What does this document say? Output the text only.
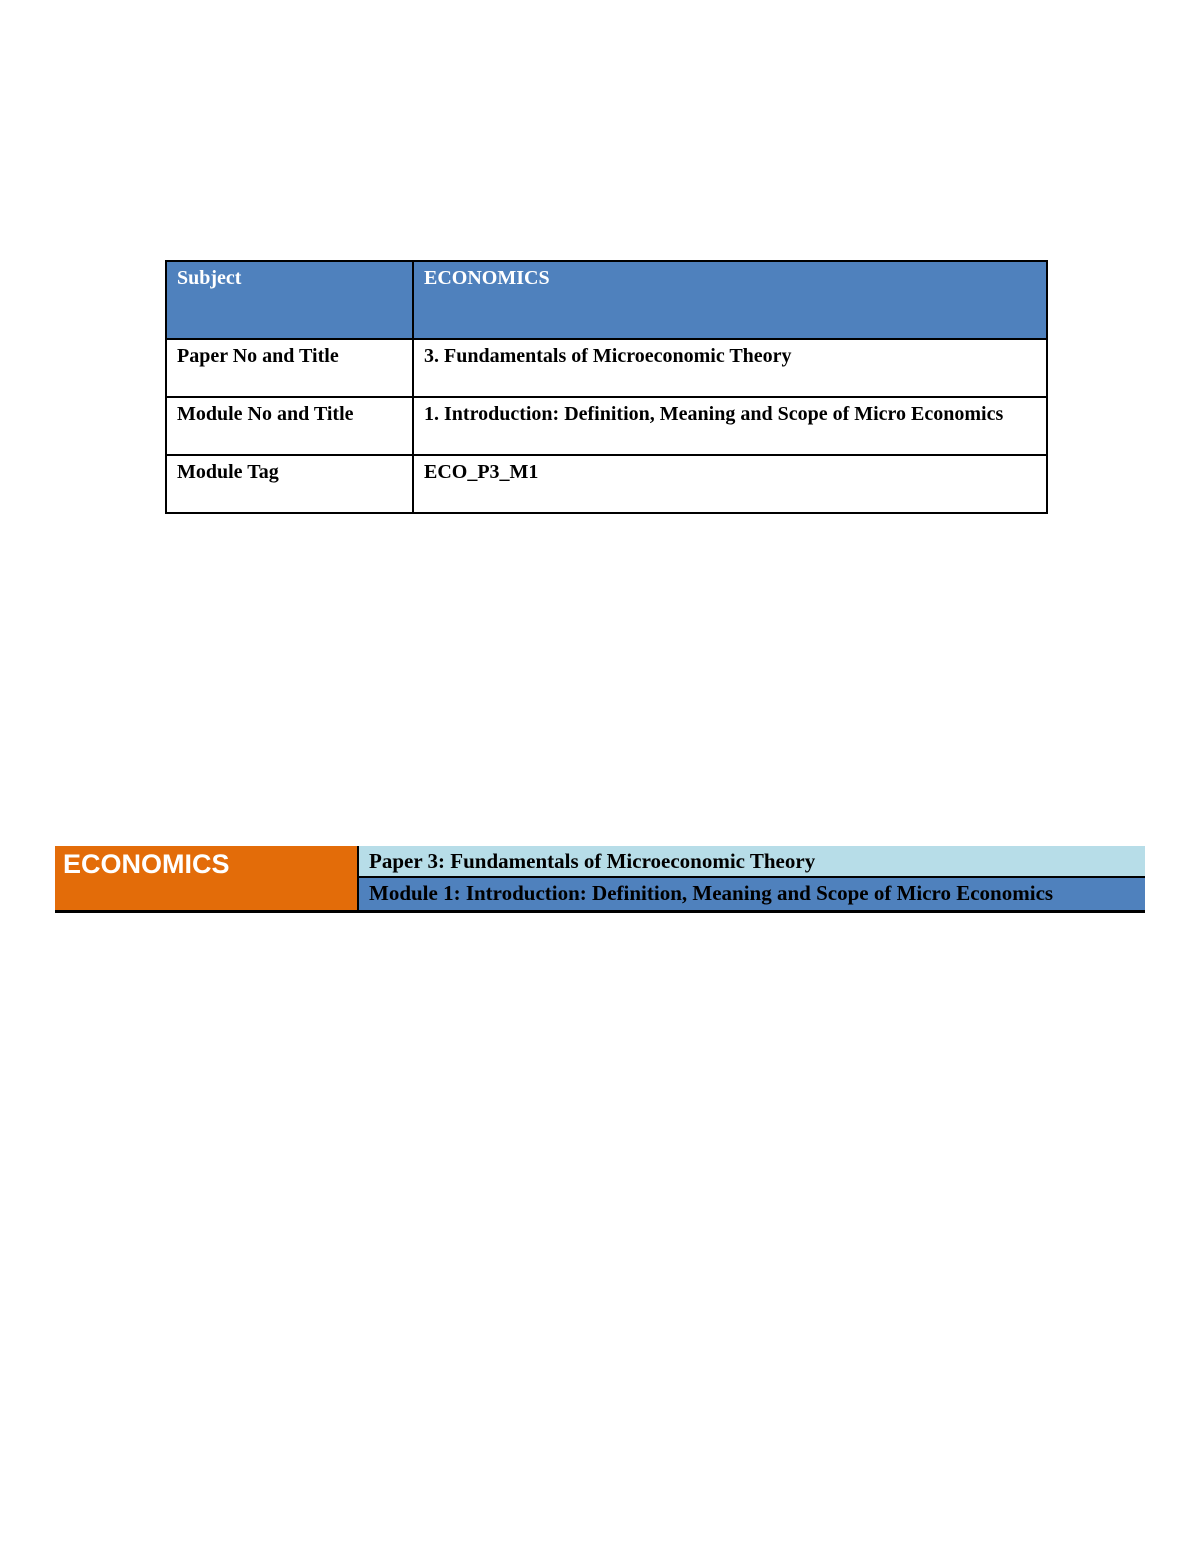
Subject	ECONOMICS
Paper No and Title	3. Fundamentals of Microeconomic Theory
Module No and Title	1. Introduction: Definition, Meaning and Scope of Micro Economics
Module Tag	ECO_P3_M1
ECONOMICS	Paper 3: Fundamentals of Microeconomic Theory
Module 1: Introduction: Definition, Meaning and Scope of Micro Economics
